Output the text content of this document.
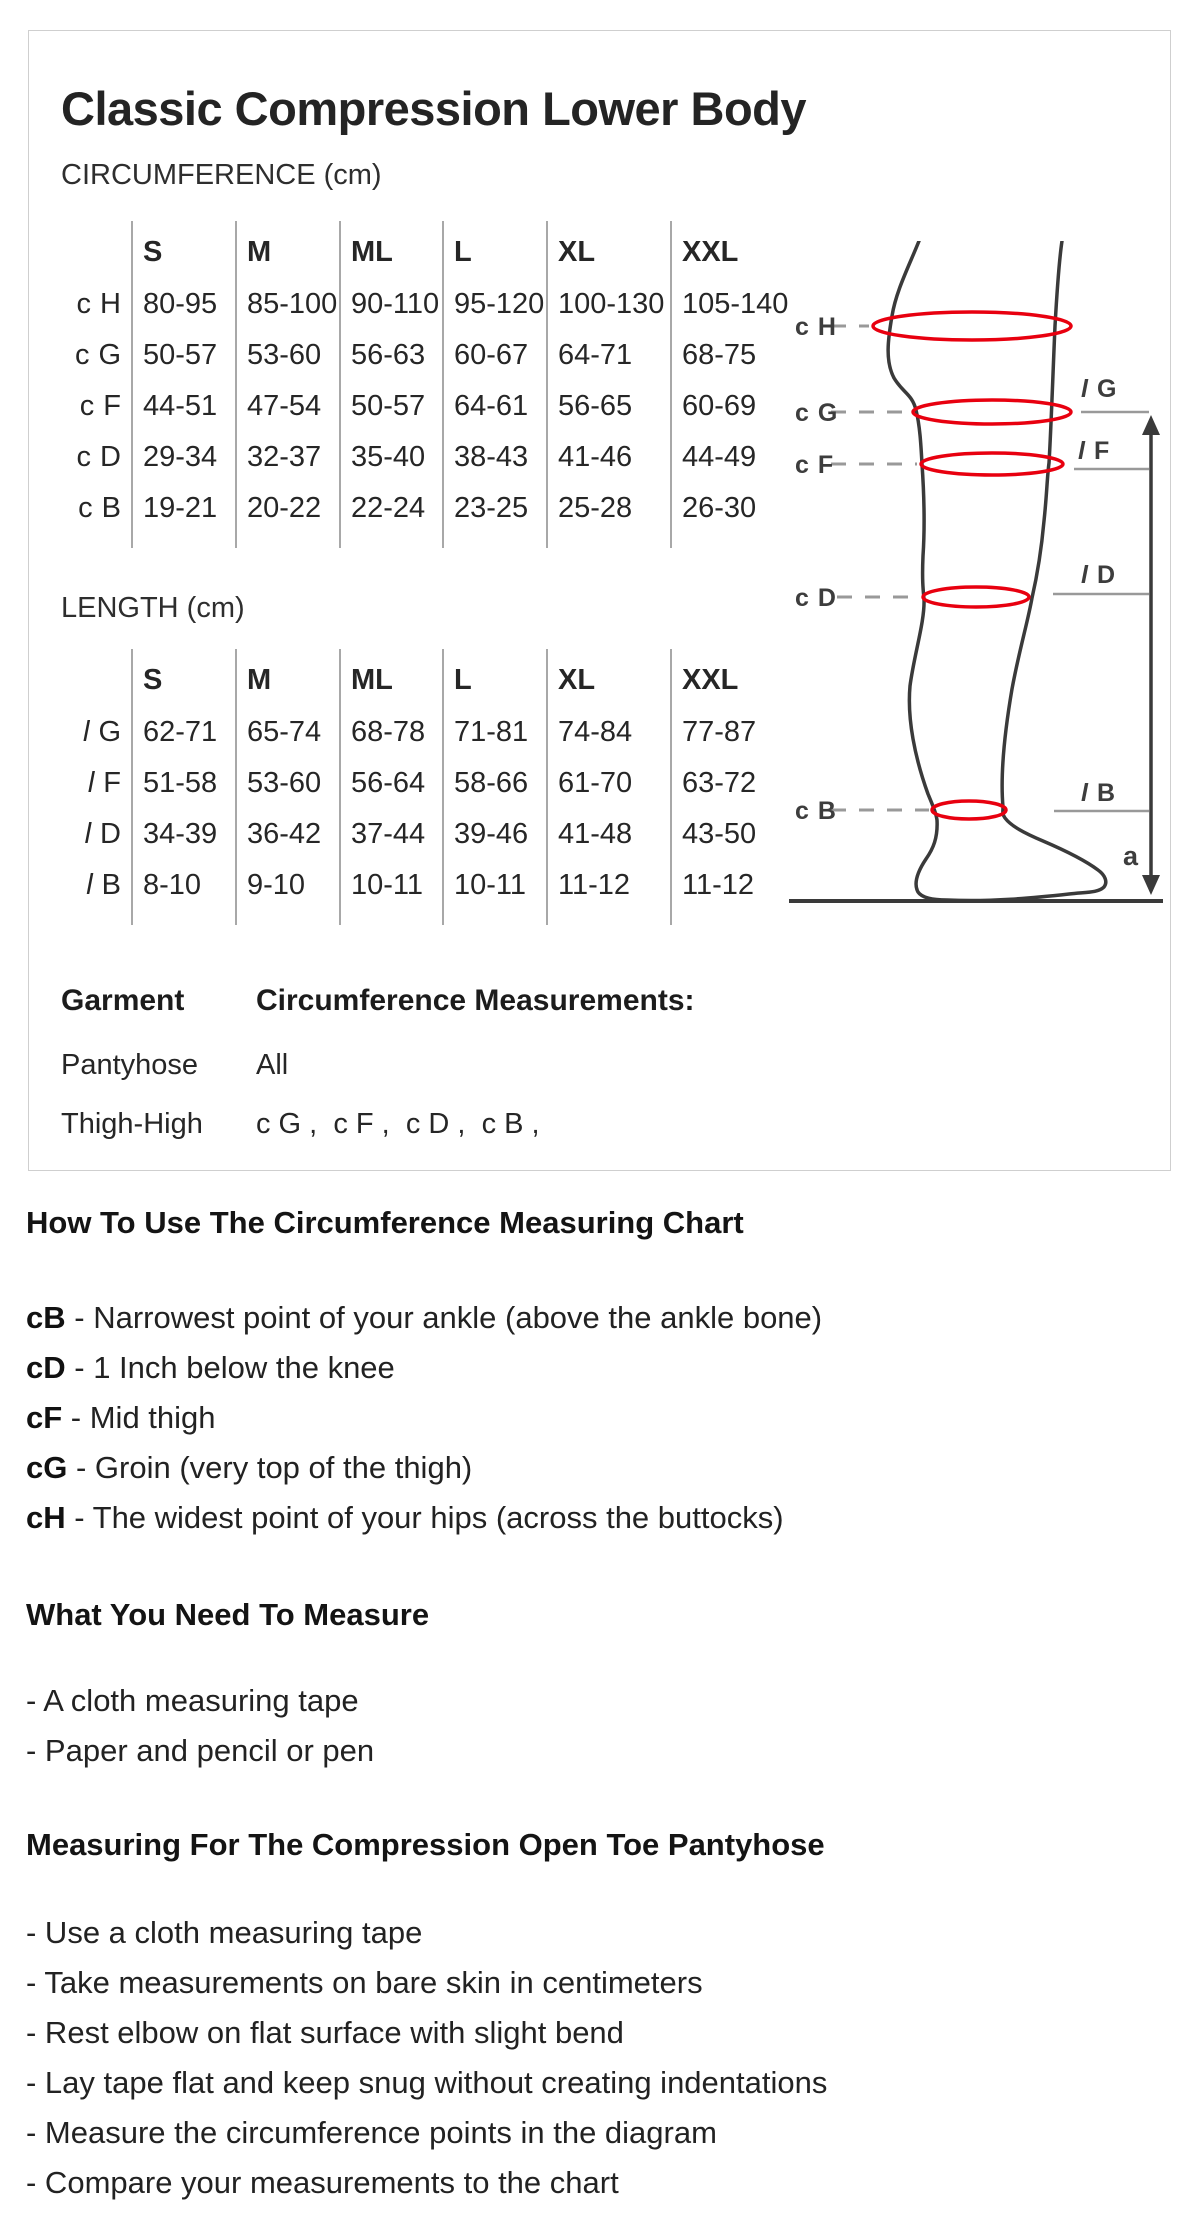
Classic Compression Lower Body
CIRCUMFERENCE (cm)
	S	M	ML	L	XL	XXL
c H	80-95	85-100	90-110	95-120	100-130	105-140
c G	50-57	53-60	56-63	60-67	64-71	68-75
c F	44-51	47-54	50-57	64-61	56-65	60-69
c D	29-34	32-37	35-40	38-43	41-46	44-49
c B	19-21	20-22	22-24	23-25	25-28	26-30

LENGTH (cm)
	S	M	ML	L	XL	XXL
l G	62-71	65-74	68-78	71-81	74-84	77-87
l F	51-58	53-60	56-64	58-66	61-70	63-72
l D	34-39	36-42	37-44	39-46	41-48	43-50
l B	8-10	9-10	10-11	10-11	11-12	11-12

Garment	Circumference Measurements:
Pantyhose	All
Thigh-High	c G ,  c F ,  c D ,  c B ,
c H
c G
c F
c D
c B
l G
l F
l D
l B
a
How To Use The Circumference Measuring Chart
cB - Narrowest point of your ankle (above the ankle bone)
cD - 1 Inch below the knee
cF - Mid thigh
cG - Groin (very top of the thigh)
cH - The widest point of your hips (across the buttocks)
What You Need To Measure
- A cloth measuring tape
- Paper and pencil or pen
Measuring For The Compression Open Toe Pantyhose
- Use a cloth measuring tape
- Take measurements on bare skin in centimeters
- Rest elbow on flat surface with slight bend
- Lay tape flat and keep snug without creating indentations
- Measure the circumference points in the diagram
- Compare your measurements to the chart
